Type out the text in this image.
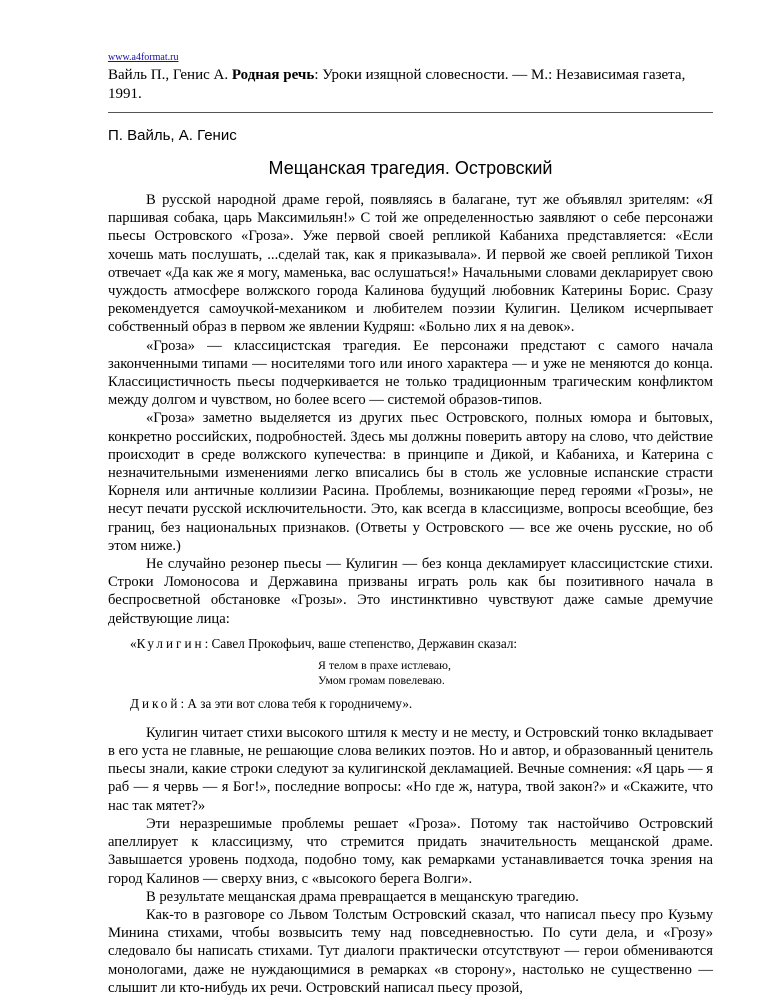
www.a4format.ru

Вайль П., Генис А. Родная речь: Уроки изящной словесности. — М.: Независимая газета, 1991.

П. Вайль, А. Генис

Мещанская трагедия. Островский

В русской народной драме герой, появляясь в балагане, тут же объявлял зрителям: «Я паршивая собака, царь Максимильян!» С той же определенностью заявляют о себе персонажи пьесы Островского «Гроза». Уже первой своей репликой Кабаниха представляется: «Если хочешь мать послушать, ...сделай так, как я приказывала». И первой же своей репликой Тихон отвечает «Да как же я могу, маменька, вас ослушаться!» Начальными словами декларирует свою чуждость атмосфере волжского города Калинова будущий любовник Катерины Борис. Сразу рекомендуется самоучкой-механиком и любителем поэзии Кулигин. Целиком исчерпывает собственный образ в первом же явлении Кудряш: «Больно лих я на девок».

«Гроза» — классицистская трагедия. Ее персонажи предстают с самого начала законченными типами — носителями того или иного характера — и уже не меняются до конца. Классицистичность пьесы подчеркивается не только традиционным трагическим конфликтом между долгом и чувством, но более всего — системой образов-типов.

«Гроза» заметно выделяется из других пьес Островского, полных юмора и бытовых, конкретно российских, подробностей. Здесь мы должны поверить автору на слово, что действие происходит в среде волжского купечества: в принципе и Дикой, и Кабаниха, и Катерина с незначительными изменениями легко вписались бы в столь же условные испанские страсти Корнеля или античные коллизии Расина. Проблемы, возникающие перед героями «Грозы», не несут печати русской исключительности. Это, как всегда в классицизме, вопросы всеобщие, без границ, без национальных признаков. (Ответы у Островского — все же очень русские, но об этом ниже.)

Не случайно резонер пьесы — Кулигин — без конца декламирует классицистские стихи. Строки Ломоносова и Державина призваны играть роль как бы позитивного начала в беспросветной обстановке «Грозы». Это инстинктивно чувствуют даже самые дремучие действующие лица:

«Кулигин: Савел Прокофьич, ваше степенство, Державин сказал:

Я телом в прахе истлеваю,
Умом громам повелеваю.

Дикой: А за эти вот слова тебя к городничему».

Кулигин читает стихи высокого штиля к месту и не месту, и Островский тонко вкладывает в его уста не главные, не решающие слова великих поэтов. Но и автор, и образованный ценитель пьесы знали, какие строки следуют за кулигинской декламацией. Вечные сомнения: «Я царь — я раб — я червь — я Бог!», последние вопросы: «Но где ж, натура, твой закон?» и «Скажите, что нас так мятет?»

Эти неразрешимые проблемы решает «Гроза». Потому так настойчиво Островский апеллирует к классицизму, что стремится придать значительность мещанской драме. Завышается уровень подхода, подобно тому, как ремарками устанавливается точка зрения на город Калинов — сверху вниз, с «высокого берега Волги».

В результате мещанская драма превращается в мещанскую трагедию.

Как-то в разговоре со Львом Толстым Островский сказал, что написал пьесу про Кузьму Минина стихами, чтобы возвысить тему над повседневностью. По сути дела, и «Грозу» следовало бы написать стихами. Тут диалоги практически отсутствуют — герои обмениваются монологами, даже не нуждающимися в ремарках «в сторону», настолько не существенно — слышит ли кто-нибудь их речи. Островский написал пьесу прозой,
